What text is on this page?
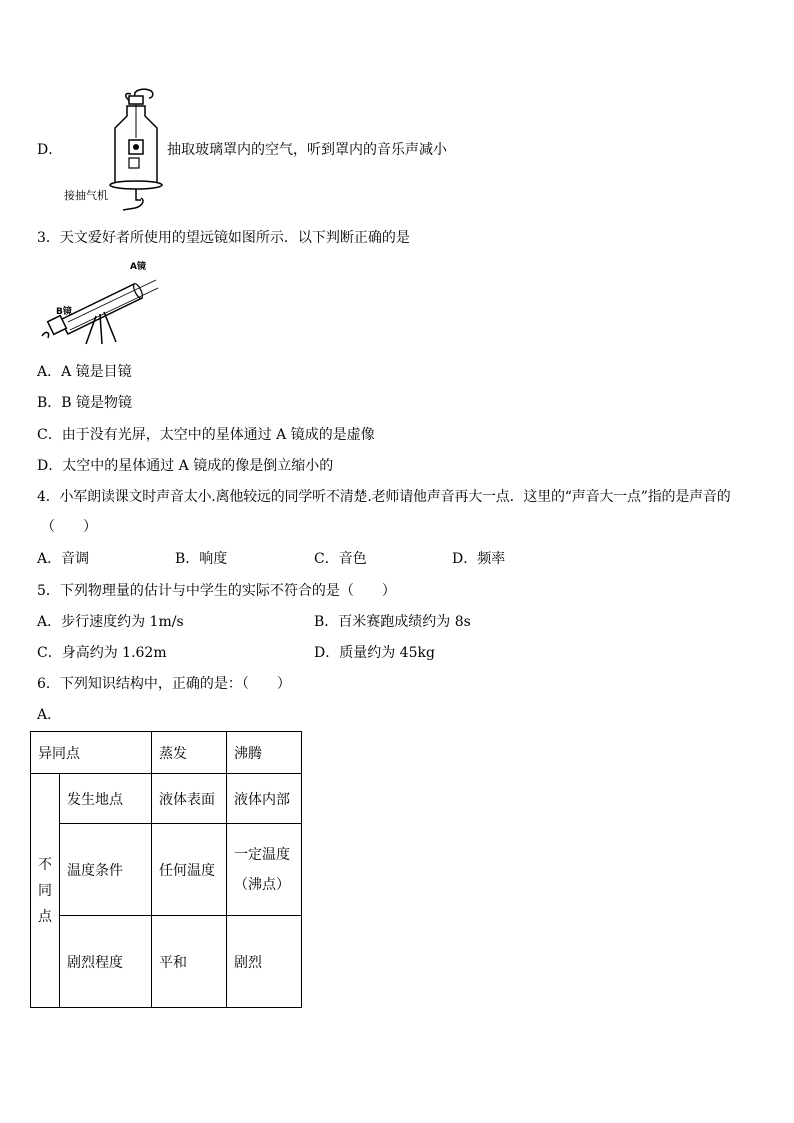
D．	抽取玻璃罩内的空气，听到罩内的音乐声减小
接抽气机
3．天文爱好者所使用的望远镜如图所示．以下判断正确的是
A镜
B镜
A．A 镜是目镜
B．B 镜是物镜
C．由于没有光屏，太空中的星体通过 A 镜成的是虚像
D．太空中的星体通过 A 镜成的像是倒立缩小的
4．小军朗读课文时声音太小.离他较远的同学听不清楚.老师请他声音再大一点．这里的“声音大一点”指的是声音的
（　　）
A．音调	B．响度	C．音色	D．频率
5．下列物理量的估计与中学生的实际不符合的是（　　）
A．步行速度约为 1m/s	B．百米赛跑成绩约为 8s
C．身高约为 1.62m	D．质量约为 45kg
6．下列知识结构中，正确的是：（　　）
A．
异同点		蒸发	沸腾

不
同
点	发生地点	液体表面	液体内部
	温度条件	任何温度	一定温度
（沸点）

	剧烈程度	平和	剧烈
